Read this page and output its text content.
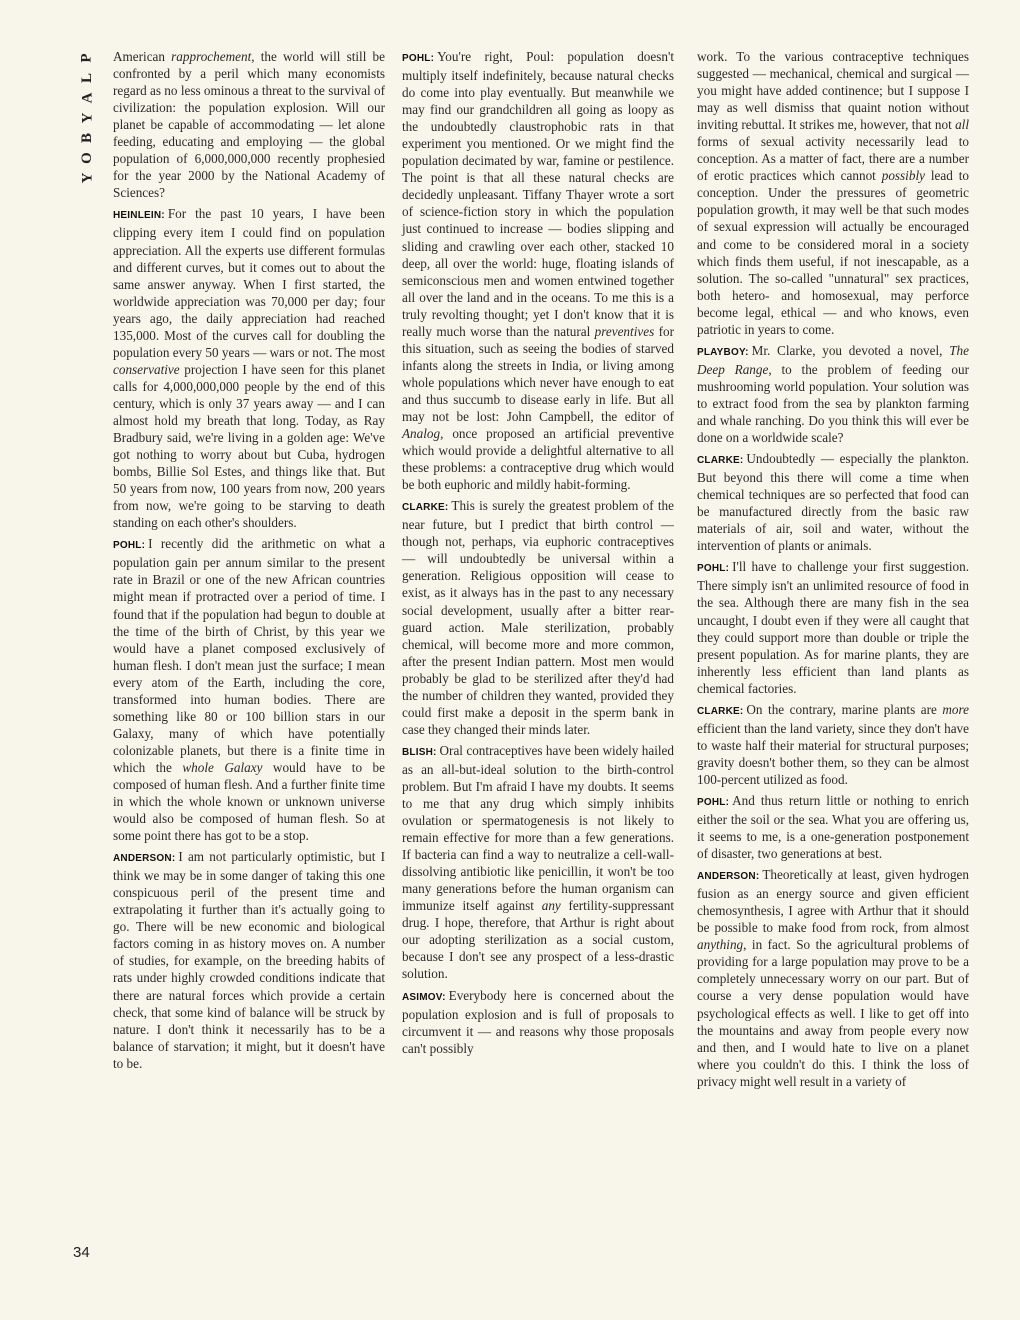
P
L
A
Y
B
O
Y

American rapprochement, the world will still be confronted by a peril which many economists regard as no less ominous a threat to the survival of civilization: the population explosion. Will our planet be capable of accommodating — let alone feeding, educating and employing — the global population of 6,000,000,000 recently prophesied for the year 2000 by the National Academy of Sciences?

HEINLEIN: For the past 10 years, I have been clipping every item I could find on population appreciation. All the experts use different formulas and different curves, but it comes out to about the same answer anyway. When I first started, the worldwide appreciation was 70,000 per day; four years ago, the daily appreciation had reached 135,000. Most of the curves call for doubling the population every 50 years — wars or not. The most conservative projection I have seen for this planet calls for 4,000,000,000 people by the end of this century, which is only 37 years away — and I can almost hold my breath that long. Today, as Ray Bradbury said, we're living in a golden age: We've got nothing to worry about but Cuba, hydrogen bombs, Billie Sol Estes, and things like that. But 50 years from now, 100 years from now, 200 years from now, we're going to be starving to death standing on each other's shoulders.

POHL: I recently did the arithmetic on what a population gain per annum similar to the present rate in Brazil or one of the new African countries might mean if protracted over a period of time. I found that if the population had begun to double at the time of the birth of Christ, by this year we would have a planet composed exclusively of human flesh. I don't mean just the surface; I mean every atom of the Earth, including the core, transformed into human bodies. There are something like 80 or 100 billion stars in our Galaxy, many of which have potentially colonizable planets, but there is a finite time in which the whole Galaxy would have to be composed of human flesh. And a further finite time in which the whole known or unknown universe would also be composed of human flesh. So at some point there has got to be a stop.

ANDERSON: I am not particularly optimistic, but I think we may be in some danger of taking this one conspicuous peril of the present time and extrapolating it further than it's actually going to go. There will be new economic and biological factors coming in as history moves on. A number of studies, for example, on the breeding habits of rats under highly crowded conditions indicate that there are natural forces which provide a certain check, that some kind of balance will be struck by nature. I don't think it necessarily has to be a balance of starvation; it might, but it doesn't have to be.

POHL: You're right, Poul: population doesn't multiply itself indefinitely, because natural checks do come into play eventually. But meanwhile we may find our grandchildren all going as loopy as the undoubtedly claustrophobic rats in that experiment you mentioned. Or we might find the population decimated by war, famine or pestilence. The point is that all these natural checks are decidedly unpleasant. Tiffany Thayer wrote a sort of science-fiction story in which the population just continued to increase — bodies slipping and sliding and crawling over each other, stacked 10 deep, all over the world: huge, floating islands of semiconscious men and women entwined together all over the land and in the oceans. To me this is a truly revolting thought; yet I don't know that it is really much worse than the natural preventives for this situation, such as seeing the bodies of starved infants along the streets in India, or living among whole populations which never have enough to eat and thus succumb to disease early in life. But all may not be lost: John Campbell, the editor of Analog, once proposed an artificial preventive which would provide a delightful alternative to all these problems: a contraceptive drug which would be both euphoric and mildly habit-forming.

CLARKE: This is surely the greatest problem of the near future, but I predict that birth control — though not, perhaps, via euphoric contraceptives — will undoubtedly be universal within a generation. Religious opposition will cease to exist, as it always has in the past to any necessary social development, usually after a bitter rear-guard action. Male sterilization, probably chemical, will become more and more common, after the present Indian pattern. Most men would probably be glad to be sterilized after they'd had the number of children they wanted, provided they could first make a deposit in the sperm bank in case they changed their minds later.

BLISH: Oral contraceptives have been widely hailed as an all-but-ideal solution to the birth-control problem. But I'm afraid I have my doubts. It seems to me that any drug which simply inhibits ovulation or spermatogenesis is not likely to remain effective for more than a few generations. If bacteria can find a way to neutralize a cell-wall-dissolving antibiotic like penicillin, it won't be too many generations before the human organism can immunize itself against any fertility-suppressant drug. I hope, therefore, that Arthur is right about our adopting sterilization as a social custom, because I don't see any prospect of a less-drastic solution.

ASIMOV: Everybody here is concerned about the population explosion and is full of proposals to circumvent it — and reasons why those proposals can't possibly

work. To the various contraceptive techniques suggested — mechanical, chemical and surgical — you might have added continence; but I suppose I may as well dismiss that quaint notion without inviting rebuttal. It strikes me, however, that not all forms of sexual activity necessarily lead to conception. As a matter of fact, there are a number of erotic practices which cannot possibly lead to conception. Under the pressures of geometric population growth, it may well be that such modes of sexual expression will actually be encouraged and come to be considered moral in a society which finds them useful, if not inescapable, as a solution. The so-called "unnatural" sex practices, both hetero- and homosexual, may perforce become legal, ethical — and who knows, even patriotic in years to come.

PLAYBOY: Mr. Clarke, you devoted a novel, The Deep Range, to the problem of feeding our mushrooming world population. Your solution was to extract food from the sea by plankton farming and whale ranching. Do you think this will ever be done on a worldwide scale?

CLARKE: Undoubtedly — especially the plankton. But beyond this there will come a time when chemical techniques are so perfected that food can be manufactured directly from the basic raw materials of air, soil and water, without the intervention of plants or animals.

POHL: I'll have to challenge your first suggestion. There simply isn't an unlimited resource of food in the sea. Although there are many fish in the sea uncaught, I doubt even if they were all caught that they could support more than double or triple the present population. As for marine plants, they are inherently less efficient than land plants as chemical factories.

CLARKE: On the contrary, marine plants are more efficient than the land variety, since they don't have to waste half their material for structural purposes; gravity doesn't bother them, so they can be almost 100-percent utilized as food.

POHL: And thus return little or nothing to enrich either the soil or the sea. What you are offering us, it seems to me, is a one-generation postponement of disaster, two generations at best.

ANDERSON: Theoretically at least, given hydrogen fusion as an energy source and given efficient chemosynthesis, I agree with Arthur that it should be possible to make food from rock, from almost anything, in fact. So the agricultural problems of providing for a large population may prove to be a completely unnecessary worry on our part. But of course a very dense population would have psychological effects as well. I like to get off into the mountains and away from people every now and then, and I would hate to live on a planet where you couldn't do this. I think the loss of privacy might well result in a variety of

34
